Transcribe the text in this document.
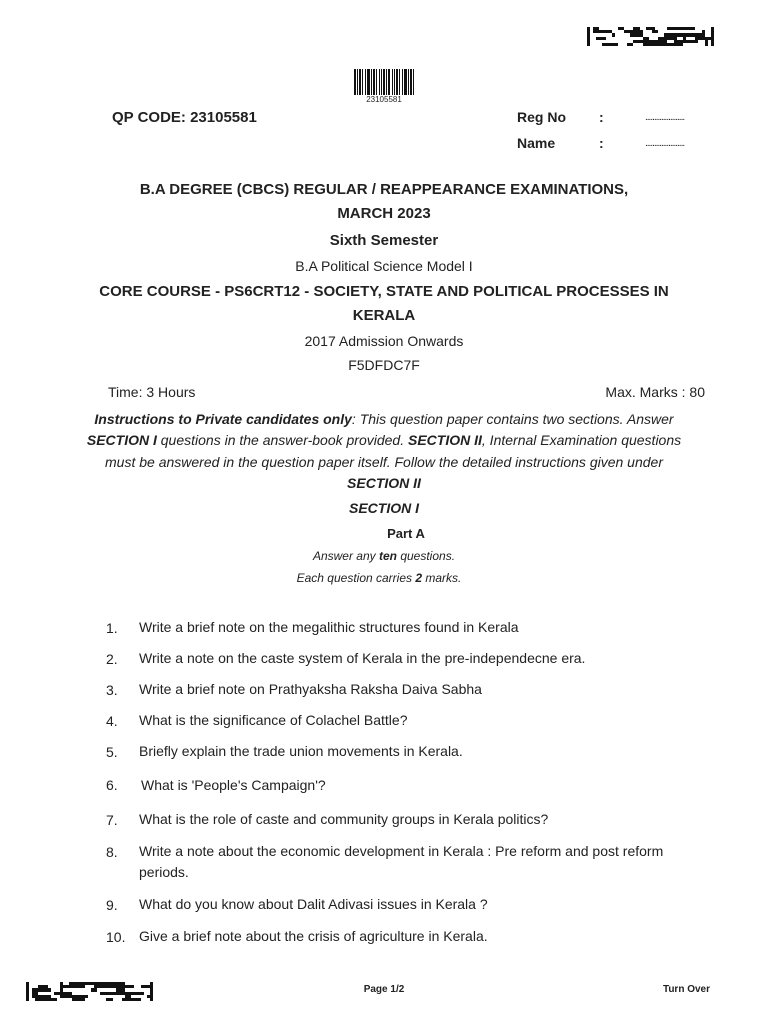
23105581
QP CODE: 23105581	Reg No :	......................
Name	:	......................
B.A DEGREE (CBCS) REGULAR / REAPPEARANCE EXAMINATIONS,
MARCH 2023
Sixth Semester
B.A Political Science Model I
CORE COURSE - PS6CRT12 - SOCIETY, STATE AND POLITICAL PROCESSES IN
KERALA
2017 Admission Onwards
F5DFDC7F
Time: 3 Hours	Max. Marks : 80
Instructions to Private candidates only: This question paper contains two sections. Answer
SECTION I questions in the answer-book provided. SECTION II, Internal Examination questions
must be answered in the question paper itself. Follow the detailed instructions given under
SECTION II
SECTION I
Part A
Answer any ten questions.
Each question carries 2 marks.
1.	Write a brief note on the megalithic structures found in Kerala
2.	Write a note on the caste system of Kerala in the pre-independecne era.
3.	Write a brief note on Prathyaksha Raksha Daiva Sabha
4.	What is the significance of Colachel Battle?
5.	Briefly explain the trade union movements in Kerala.
6.	What is 'People's Campaign'?
7.	What is the role of caste and community groups in Kerala politics?
8.	Write a note about the economic development in Kerala : Pre reform and post reform periods.
9.	What do you know about Dalit Adivasi issues in Kerala ?
10. Give a brief note about the crisis of agriculture in Kerala.
Page 1/2	Turn Over
